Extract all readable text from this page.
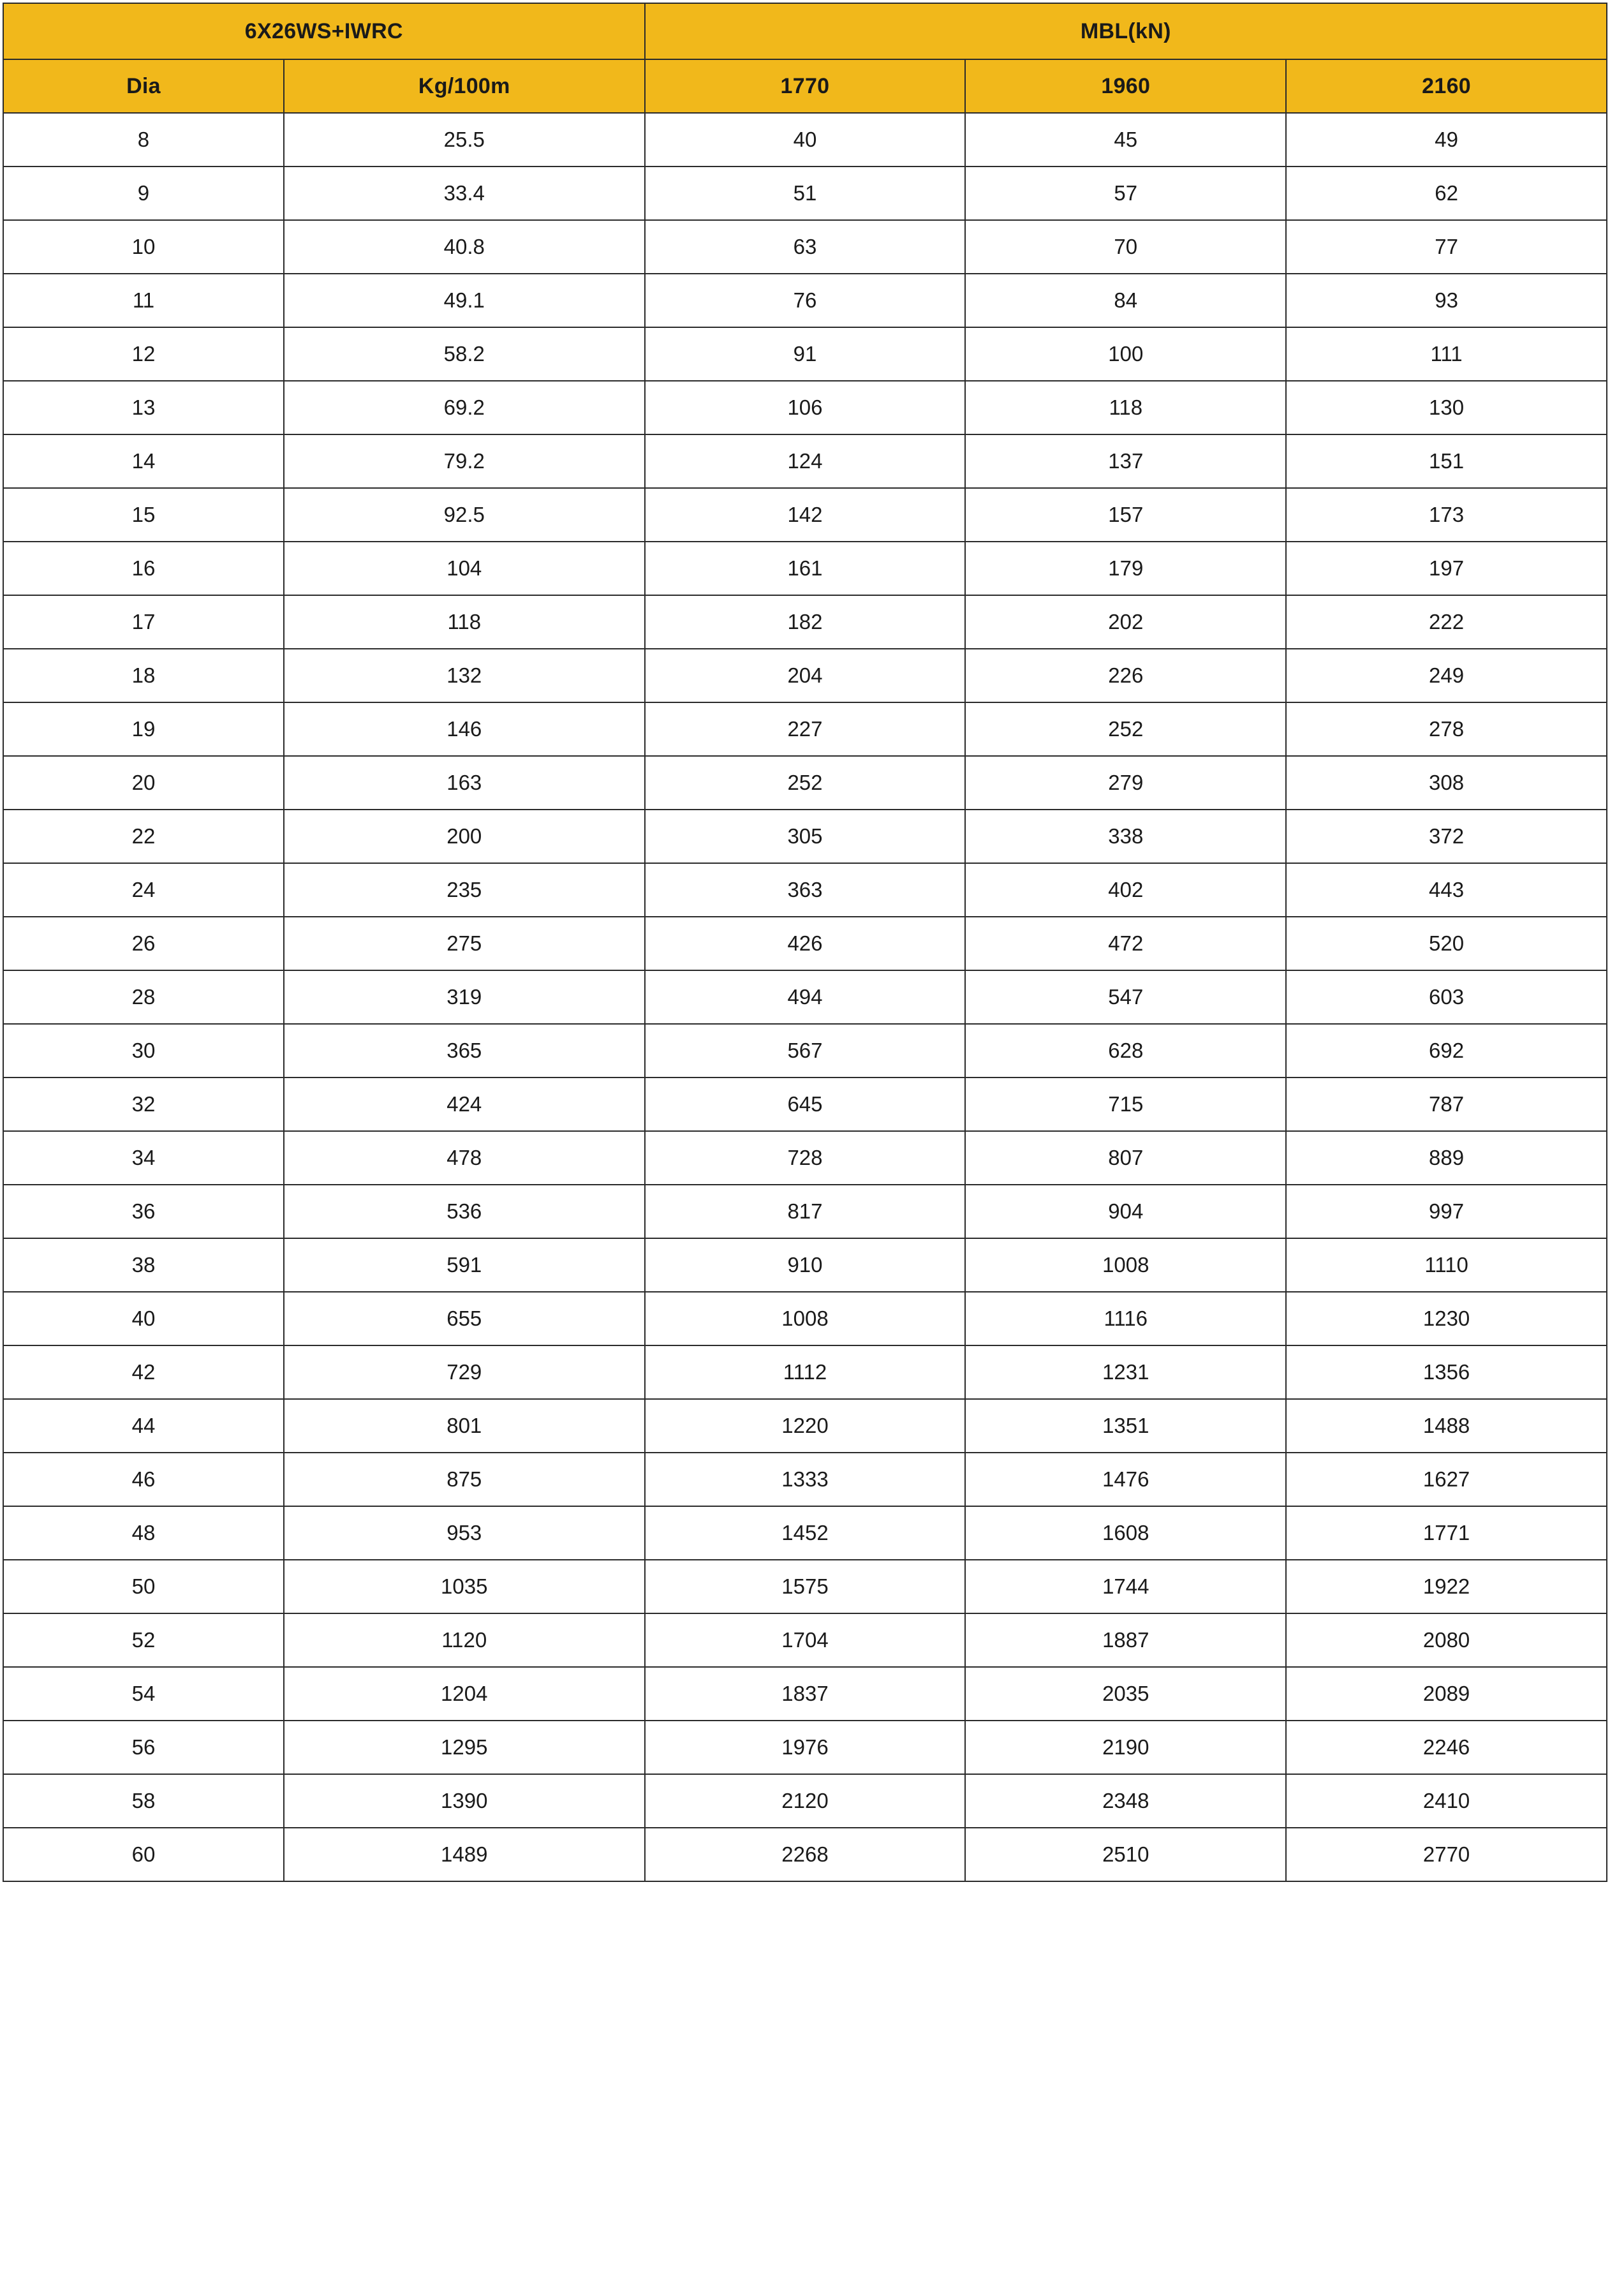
6X26WS+IWRC		MBL(kN)		
Dia	Kg/100m	1770	1960	2160
8	25.5	40	45	49
9	33.4	51	57	62
10	40.8	63	70	77
11	49.1	76	84	93
12	58.2	91	100	111
13	69.2	106	118	130
14	79.2	124	137	151
15	92.5	142	157	173
16	104	161	179	197
17	118	182	202	222
18	132	204	226	249
19	146	227	252	278
20	163	252	279	308
22	200	305	338	372
24	235	363	402	443
26	275	426	472	520
28	319	494	547	603
30	365	567	628	692
32	424	645	715	787
34	478	728	807	889
36	536	817	904	997
38	591	910	1008	1110
40	655	1008	1116	1230
42	729	1112	1231	1356
44	801	1220	1351	1488
46	875	1333	1476	1627
48	953	1452	1608	1771
50	1035	1575	1744	1922
52	1120	1704	1887	2080
54	1204	1837	2035	2089
56	1295	1976	2190	2246
58	1390	2120	2348	2410
60	1489	2268	2510	2770
